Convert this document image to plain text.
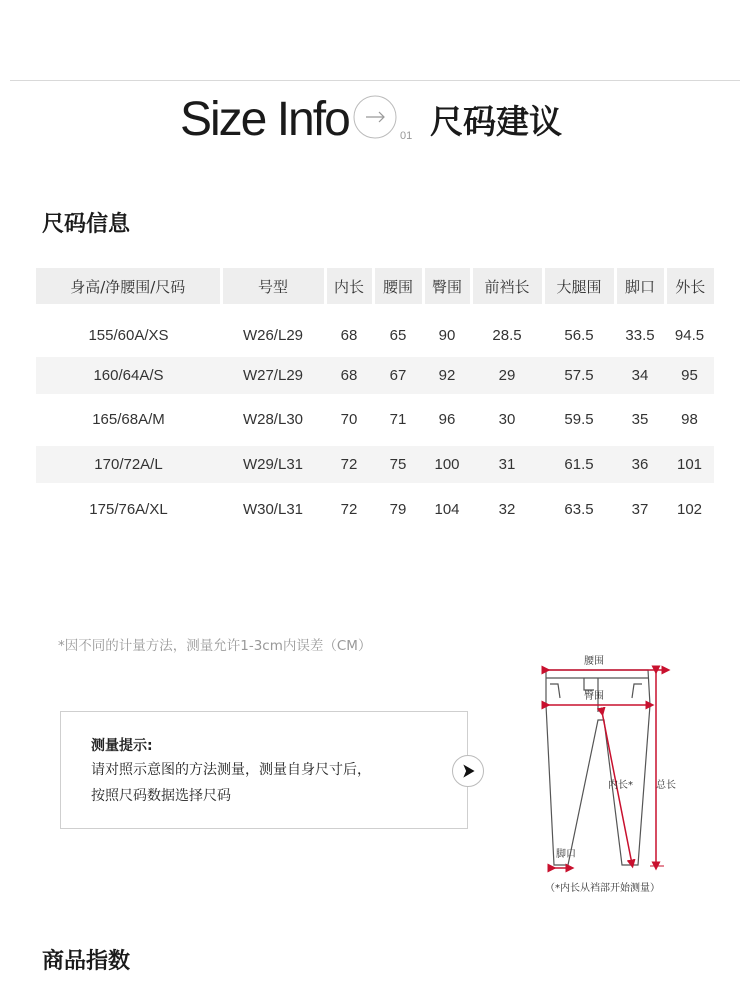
Size Info	01 尺码建议
尺码信息
身高/净腰围/尺码	号型	内长	腰围	臀围	前裆长	大腿围	脚口	外长
155/60A/XS	W26/L29	68	65	90	28.5	56.5	33.5	94.5
160/64A/S	W27/L29	68	67	92	29	57.5	34	95
165/68A/M	W28/L30	70	71	96	30	59.5	35	98
170/72A/L	W29/L31	72	75	100	31	61.5	36	101
175/76A/XL	W30/L31	72	79	104	32	63.5	37	102
*因不同的计量方法，测量允许1-3cm内误差（CM）
测量提示:
请对照示意图的方法测量，测量自身尺寸后，
按照尺码数据选择尺码
腰围
臀围
内长* 总长
脚口
（*内长从裆部开始测量）
商品指数
